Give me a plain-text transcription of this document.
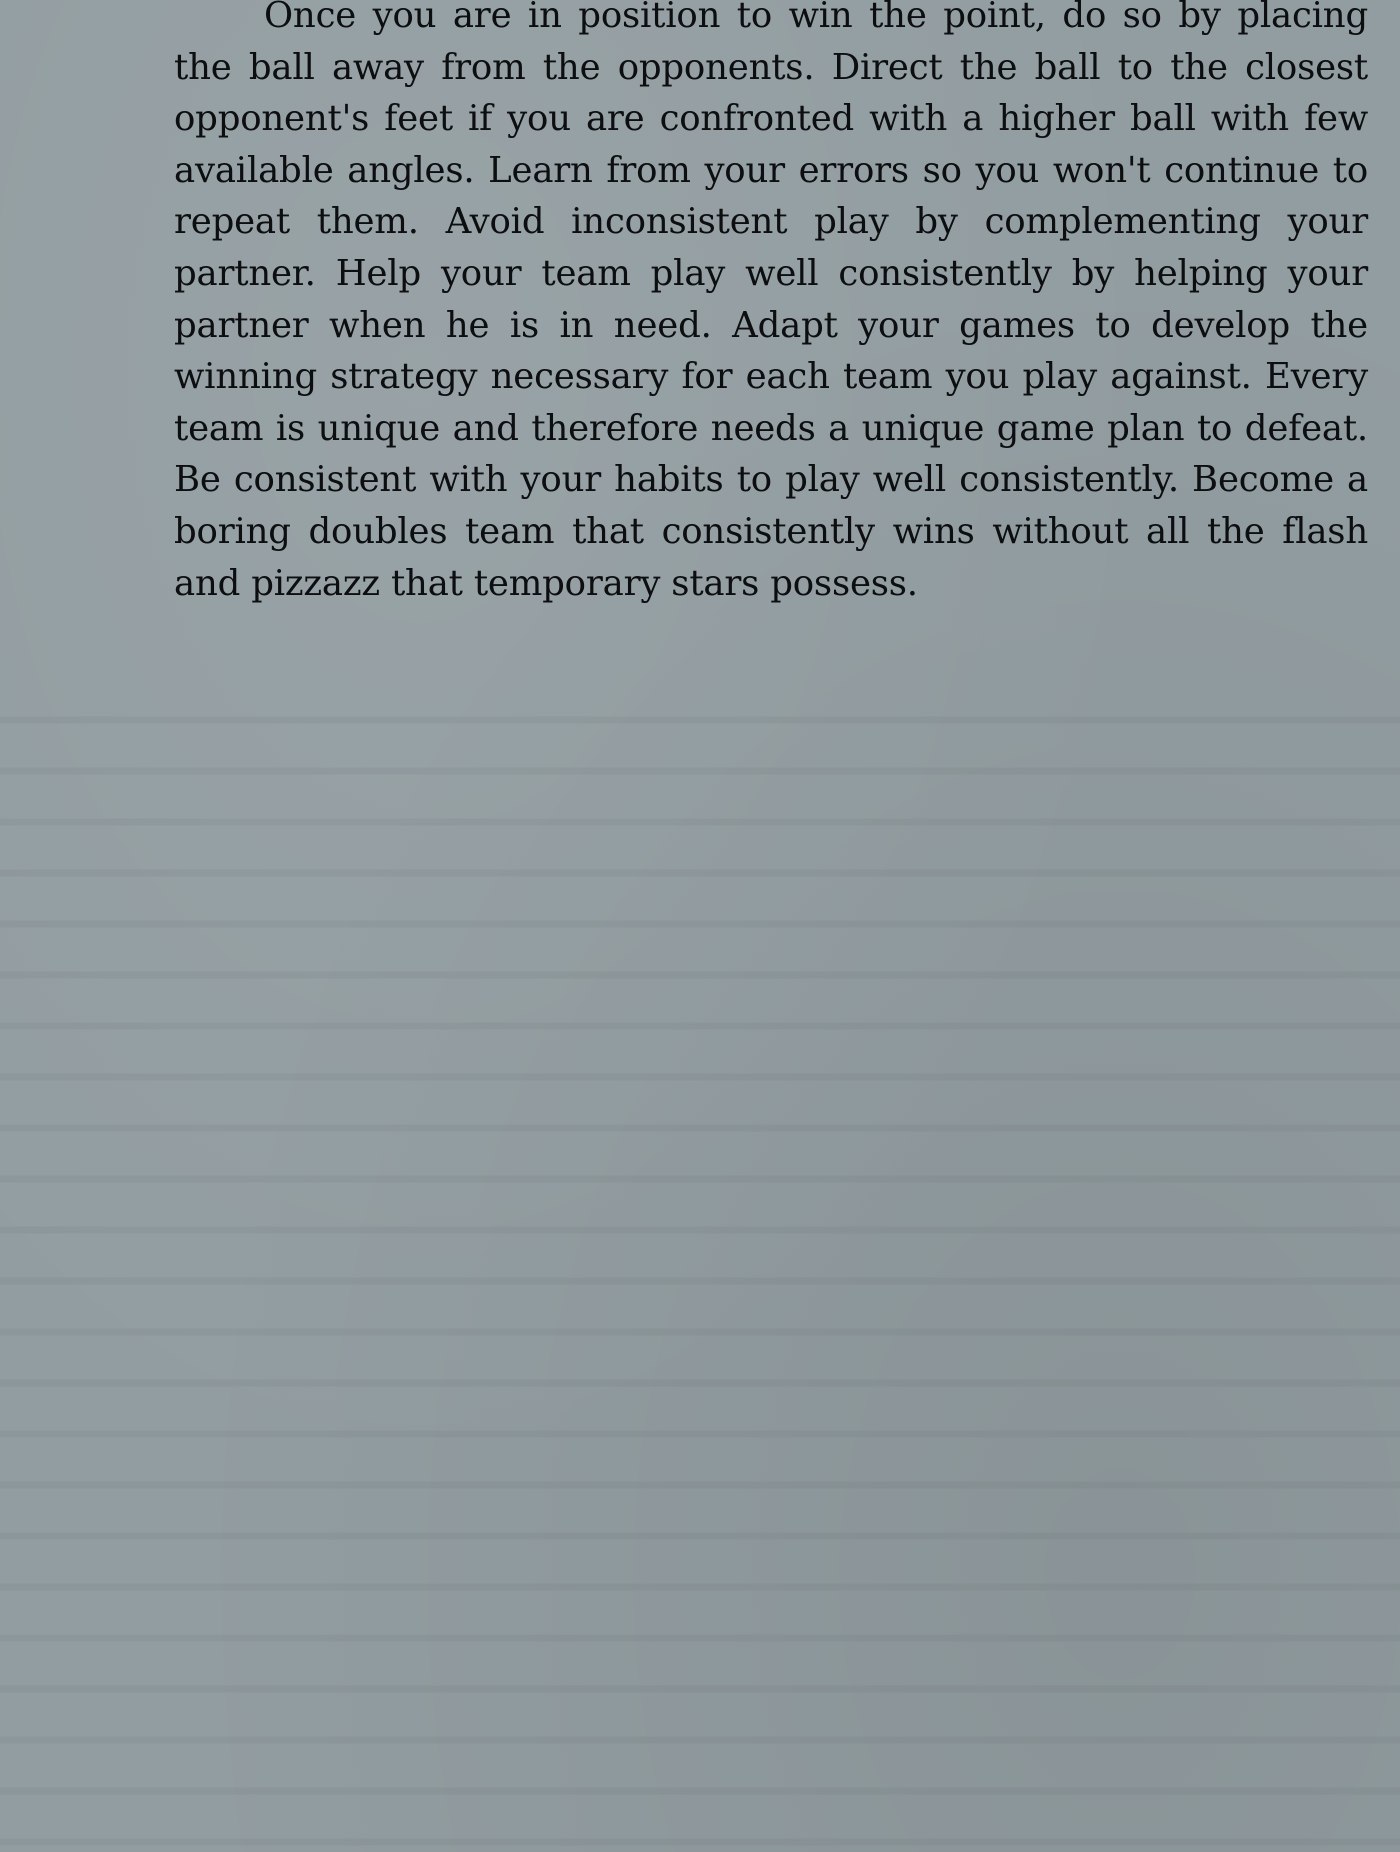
Once you are in position to win the point, do so by placing the ball away from the opponents. Direct the ball to the closest opponent's feet if you are confronted with a higher ball with few available angles. Learn from your errors so you won't continue to repeat them. Avoid inconsistent play by complementing your partner. Help your team play well consistently by helping your partner when he is in need. Adapt your games to develop the winning strategy necessary for each team you play against. Every team is unique and therefore needs a unique game plan to defeat. Be consistent with your habits to play well consistently. Become a boring doubles team that consistently wins without all the flash and pizzazz that temporary stars possess.
